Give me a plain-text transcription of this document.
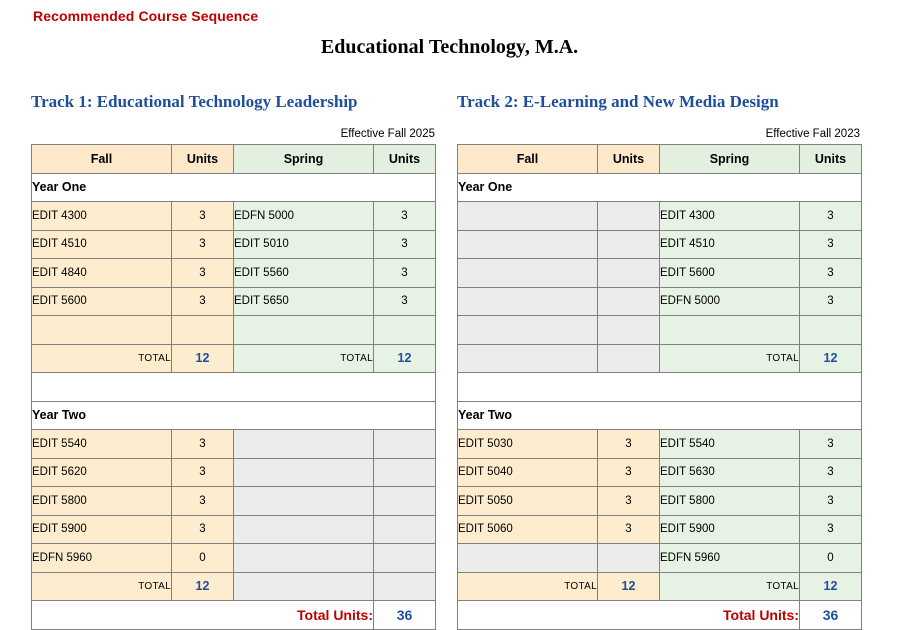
Recommended Course Sequence
Educational Technology, M.A.
Track 1: Educational Technology Leadership	Track 2: E-Learning and New Media Design
Effective Fall 2025	Effective Fall 2023
Fall	Units	Spring	Units
Year One			
EDIT 4300	3	EDFN 5000	3
EDIT 4510	3	EDIT 5010	3
EDIT 4840	3	EDIT 5560	3
EDIT 5600	3	EDIT 5650	3

TOTAL	12	TOTAL	12

Year Two			
EDIT 5540	3		
EDIT 5620	3		
EDIT 5800	3		
EDIT 5900	3		
EDFN 5960	0		
TOTAL	12		
Total Units:			36
Fall	Units	Spring	Units
Year One			
		EDIT 4300	3
		EDIT 4510	3
		EDIT 5600	3
		EDFN 5000	3

		TOTAL	12

Year Two			
EDIT 5030	3	EDIT 5540	3
EDIT 5040	3	EDIT 5630	3
EDIT 5050	3	EDIT 5800	3
EDIT 5060	3	EDIT 5900	3
		EDFN 5960	0
TOTAL	12	TOTAL	12
Total Units:			36
